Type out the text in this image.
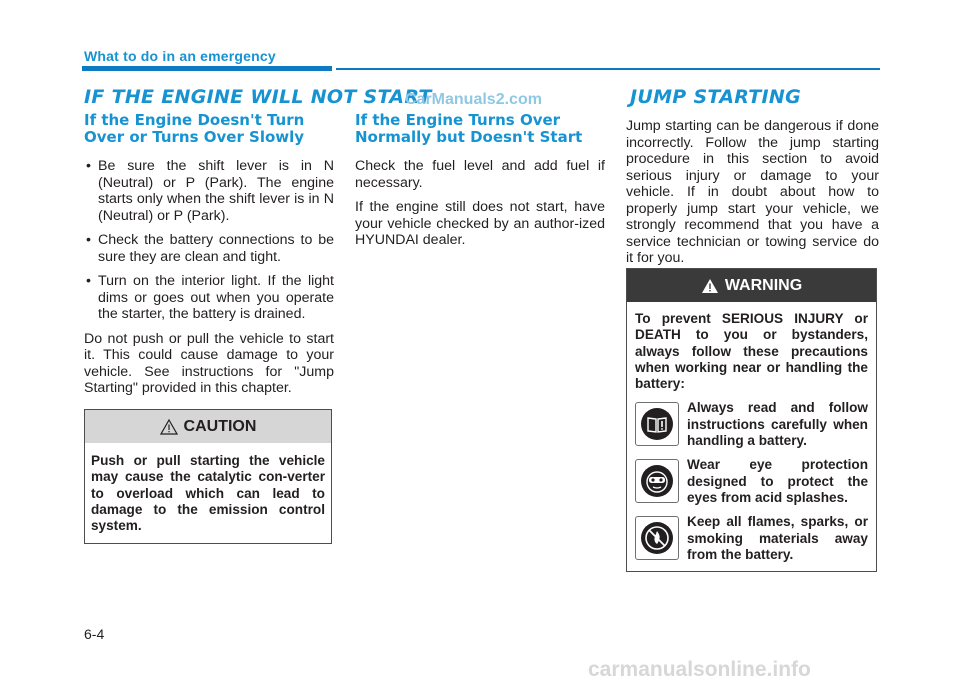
What to do in an emergency
IF THE ENGINE WILL NOT START
CarManuals2.com	JUMP STARTING
If the Engine Doesn't Turn
Over or Turns Over Slowly
• Be sure the shift lever is in N (Neutral) or P (Park). The engine starts only when the shift lever is in N (Neutral) or P (Park).
• Check the battery connections to be sure they are clean and tight.
• Turn on the interior light. If the light dims or goes out when you operate the starter, the battery is drained.

Do not push or pull the vehicle to start it. This could cause damage to your vehicle. See instructions for "Jump Starting" provided in this chapter.

CAUTION
Push or pull starting the vehicle may cause the catalytic con-verter to overload which can lead to damage to the emission control system.
If the Engine Turns Over
Normally but Doesn't Start

Check the fuel level and add fuel if necessary.

If the engine still does not start, have your vehicle checked by an author-ized HYUNDAI dealer.

Jump starting can be dangerous if done incorrectly. Follow the jump starting procedure in this section to avoid serious injury or damage to your vehicle. If in doubt about how to properly jump start your vehicle, we strongly recommend that you have a service technician or towing service do it for you.

WARNING
To prevent SERIOUS INJURY or DEATH to you or bystanders, always follow these precautions when working near or handling the battery:
Always read and follow instructions carefully when handling a battery.
Wear eye protection designed to protect the eyes from acid splashes.
Keep all flames, sparks, or smoking materials away from the battery.
6-4
carmanualsonline.info
